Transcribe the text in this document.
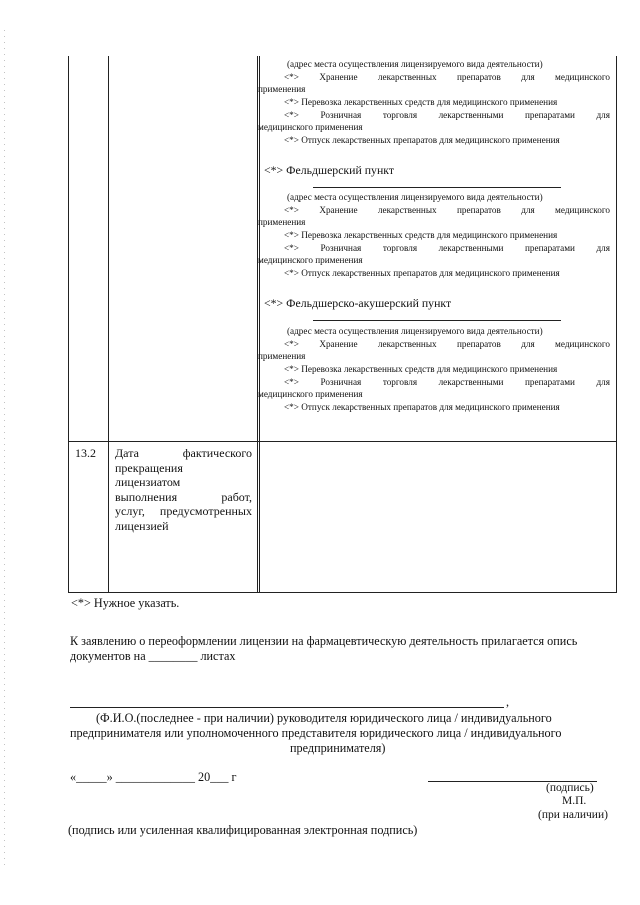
(адрес места осуществления лицензируемого вида деятельности)
<*> Хранение лекарственных препаратов для медицинского
применения
<*> Перевозка лекарственных средств для медицинского применения
<*> Розничная торговля лекарственными препаратами для
медицинского применения
<*> Отпуск лекарственных препаратов для медицинского применения
<*> Фельдшерский пункт
(адрес места осуществления лицензируемого вида деятельности)
<*> Хранение лекарственных препаратов для медицинского
применения
<*> Перевозка лекарственных средств для медицинского применения
<*> Розничная торговля лекарственными препаратами для
медицинского применения
<*> Отпуск лекарственных препаратов для медицинского применения
<*> Фельдшерско-акушерский пункт
(адрес места осуществления лицензируемого вида деятельности)
<*> Хранение лекарственных препаратов для медицинского
применения
<*> Перевозка лекарственных средств для медицинского применения
<*> Розничная торговля лекарственными препаратами для
медицинского применения
<*> Отпуск лекарственных препаратов для медицинского применения
13.2 Дата	фактического
прекращения
лицензиатом
выполнения	работ,
услуг, предусмотренных
лицензией
<*> Нужное указать.
К заявлению о переоформлении лицензии на фармацевтическую деятельность прилагается опись
документов на ________ листах
,
(Ф.И.О.(последнее - при наличии) руководителя юридического лица / индивидуального
предпринимателя или уполномоченного представителя юридического лица / индивидуального
предпринимателя)
«_____» _____________ 20___ г
(подпись)
М.П.
(при наличии)
(подпись или усиленная квалифицированная электронная подпись)
